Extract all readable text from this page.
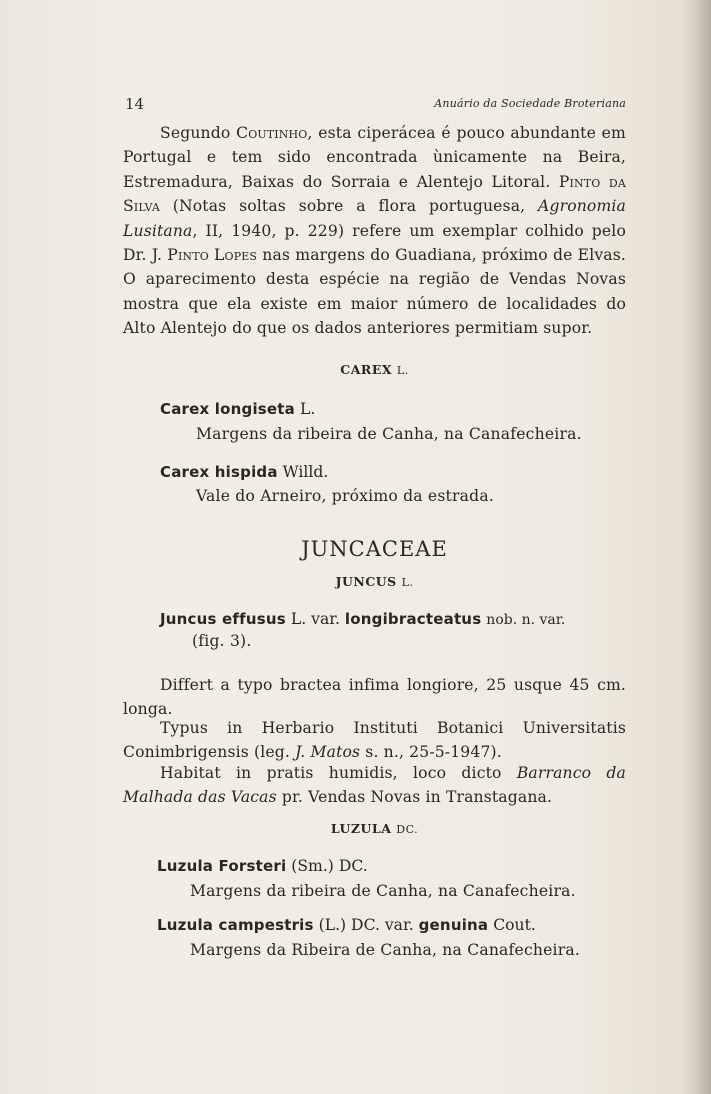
14	Anuário da Sociedade Broteriana
Segundo Coutinho, esta ciperácea é pouco abundante em Portugal e tem sido encontrada ùnicamente na Beira, Estremadura, Baixas do Sorraia e Alentejo Litoral. Pinto da Silva (Notas soltas sobre a flora portuguesa, Agronomia Lusitana, II, 1940, p. 229) refere um exemplar colhido pelo Dr. J. Pinto Lopes nas margens do Guadiana, próximo de Elvas. O aparecimento desta espécie na região de Vendas Novas mostra que ela existe em maior número de localidades do Alto Alentejo do que os dados anteriores permitiam supor.
CAREX L.
Carex longiseta L.
Margens da ribeira de Canha, na Canafecheira.
Carex hispida Willd.
Vale do Arneiro, próximo da estrada.
JUNCACEAE
JUNCUS L.
Juncus effusus L. var. longibracteatus nob. n. var.
(fig. 3).
Differt a typo bractea infima longiore, 25 usque 45 cm. longa.
Typus in Herbario Instituti Botanici Universitatis Conimbrigensis (leg. J. Matos s. n., 25-5-1947).
Habitat in pratis humidis, loco dicto Barranco da Malhada das Vacas pr. Vendas Novas in Transtagana.
LUZULA DC.
Luzula Forsteri (Sm.) DC.
Margens da ribeira de Canha, na Canafecheira.
Luzula campestris (L.) DC. var. genuina Cout.
Margens da Ribeira de Canha, na Canafecheira.
